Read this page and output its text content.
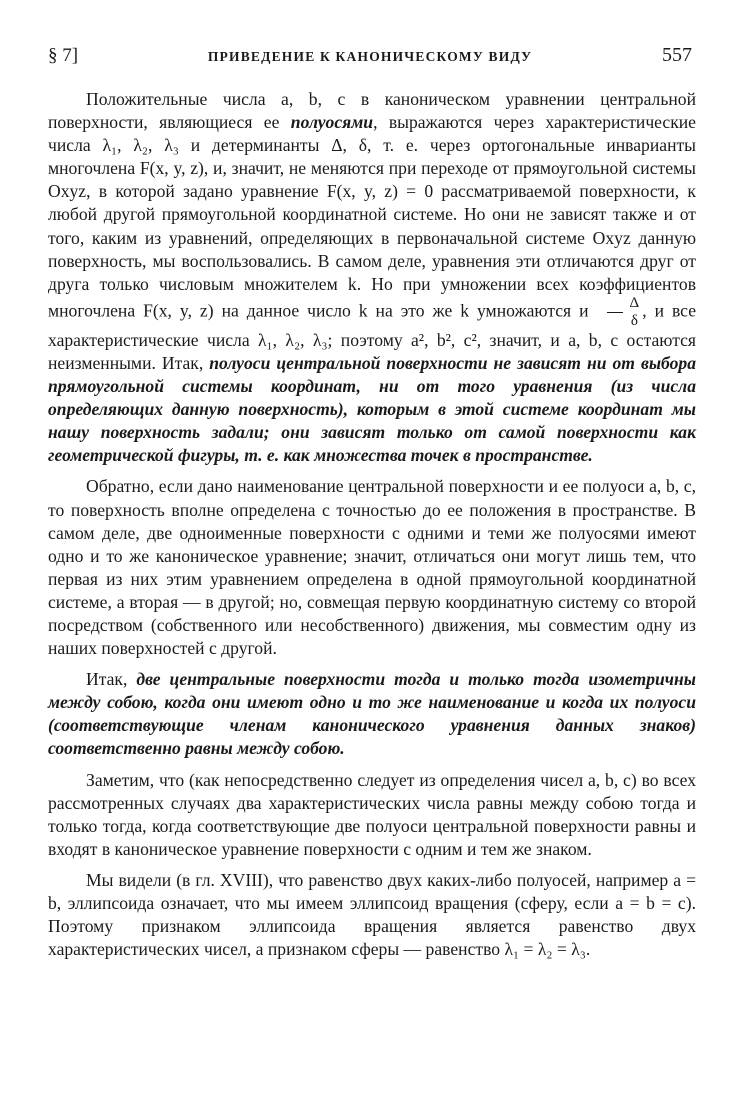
§ 7]	ПРИВЕДЕНИЕ К КАНОНИЧЕСКОМУ ВИДУ	557

Положительные числа a, b, c в каноническом уравнении центральной поверхности, являющиеся ее полуосями, выражаются через характеристические числа λ₁, λ₂, λ₃ и детерминанты Δ, δ, т. е. через ортогональные инварианты многочлена F(x, y, z), и, значит, не меняются при переходе от прямоугольной системы Oxyz, в которой задано уравнение F(x, y, z) = 0 рассматриваемой поверхности, к любой другой прямоугольной координатной системе. Но они не зависят также и от того, каким из уравнений, определяющих в первоначальной системе Oxyz данную поверхность, мы воспользовались. В самом деле, уравнения эти отличаются друг от друга только числовым множителем k. Но при умножении всех коэффициентов многочлена F(x, y, z) на данное число k на это же k умножаются и $\frac{\Delta}{\delta}$ , и все характеристические числа λ₁, λ₂, λ₃; поэтому a², b², c², значит, и a, b, c остаются неизменными. Итак, полуоси центральной поверхности не зависят ни от выбора прямоугольной системы координат, ни от того уравнения (из числа определяющих данную поверхность), которым в этой системе координат мы нашу поверхность задали; они зависят только от самой поверхности как геометрической фигуры, т. е. как множества точек в пространстве.

Обратно, если дано наименование центральной поверхности и ее полуоси a, b, c, то поверхность вполне определена с точностью до ее положения в пространстве. В самом деле, две одноименные поверхности с одними и теми же полуосями имеют одно и то же каноническое уравнение; значит, отличаться они могут лишь тем, что первая из них этим уравнением определена в одной прямоугольной координатной системе, а вторая — в другой; но, совмещая первую координатную систему со второй посредством (собственного или несобственного) движения, мы совместим одну из наших поверхностей с другой.

Итак, две центральные поверхности тогда и только тогда изометричны между собою, когда они имеют одно и то же наименование и когда их полуоси (соответствующие членам канонического уравнения данных знаков) соответственно равны между собою.

Заметим, что (как непосредственно следует из определения чисел a, b, c) во всех рассмотренных случаях два характеристических числа равны между собою тогда и только тогда, когда соответствующие две полуоси центральной поверхности равны и входят в каноническое уравнение поверхности с одним и тем же знаком.

Мы видели (в гл. XVIII), что равенство двух каких-либо полуосей, например a = b, эллипсоида означает, что мы имеем эллипсоид вращения (сферу, если a = b = c). Поэтому признаком эллипсоида вращения является равенство двух характеристических чисел, а признаком сферы — равенство λ₁ = λ₂ = λ₃.
